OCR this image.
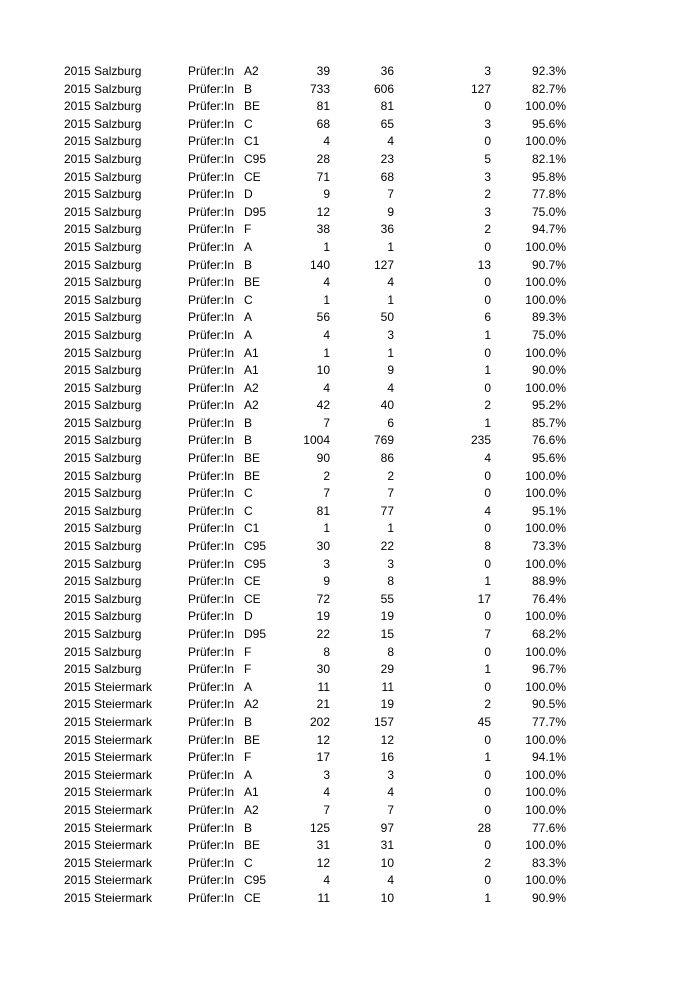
2015 Salzburg	Prüfer:In	A2	39	36	3	92.3%	
2015 Salzburg	Prüfer:In	B	733	606	127	82.7%	
2015 Salzburg	Prüfer:In	BE	81	81	0	100.0%	
2015 Salzburg	Prüfer:In	C	68	65	3	95.6%	
2015 Salzburg	Prüfer:In	C1	4	4	0	100.0%	
2015 Salzburg	Prüfer:In	C95	28	23	5	82.1%	
2015 Salzburg	Prüfer:In	CE	71	68	3	95.8%	
2015 Salzburg	Prüfer:In	D	9	7	2	77.8%	
2015 Salzburg	Prüfer:In	D95	12	9	3	75.0%	
2015 Salzburg	Prüfer:In	F	38	36	2	94.7%	
2015 Salzburg	Prüfer:In	A	1	1	0	100.0%	
2015 Salzburg	Prüfer:In	B	140	127	13	90.7%	
2015 Salzburg	Prüfer:In	BE	4	4	0	100.0%	
2015 Salzburg	Prüfer:In	C	1	1	0	100.0%	
2015 Salzburg	Prüfer:In	A	56	50	6	89.3%	
2015 Salzburg	Prüfer:In	A	4	3	1	75.0%	
2015 Salzburg	Prüfer:In	A1	1	1	0	100.0%	
2015 Salzburg	Prüfer:In	A1	10	9	1	90.0%	
2015 Salzburg	Prüfer:In	A2	4	4	0	100.0%	
2015 Salzburg	Prüfer:In	A2	42	40	2	95.2%	
2015 Salzburg	Prüfer:In	B	7	6	1	85.7%	
2015 Salzburg	Prüfer:In	B	1004	769	235	76.6%	
2015 Salzburg	Prüfer:In	BE	90	86	4	95.6%	
2015 Salzburg	Prüfer:In	BE	2	2	0	100.0%	
2015 Salzburg	Prüfer:In	C	7	7	0	100.0%	
2015 Salzburg	Prüfer:In	C	81	77	4	95.1%	
2015 Salzburg	Prüfer:In	C1	1	1	0	100.0%	
2015 Salzburg	Prüfer:In	C95	30	22	8	73.3%	
2015 Salzburg	Prüfer:In	C95	3	3	0	100.0%	
2015 Salzburg	Prüfer:In	CE	9	8	1	88.9%	
2015 Salzburg	Prüfer:In	CE	72	55	17	76.4%	
2015 Salzburg	Prüfer:In	D	19	19	0	100.0%	
2015 Salzburg	Prüfer:In	D95	22	15	7	68.2%	
2015 Salzburg	Prüfer:In	F	8	8	0	100.0%	
2015 Salzburg	Prüfer:In	F	30	29	1	96.7%	
2015 Steiermark	Prüfer:In	A	11	11	0	100.0%	
2015 Steiermark	Prüfer:In	A2	21	19	2	90.5%	
2015 Steiermark	Prüfer:In	B	202	157	45	77.7%	
2015 Steiermark	Prüfer:In	BE	12	12	0	100.0%	
2015 Steiermark	Prüfer:In	F	17	16	1	94.1%	
2015 Steiermark	Prüfer:In	A	3	3	0	100.0%	
2015 Steiermark	Prüfer:In	A1	4	4	0	100.0%	
2015 Steiermark	Prüfer:In	A2	7	7	0	100.0%	
2015 Steiermark	Prüfer:In	B	125	97	28	77.6%	
2015 Steiermark	Prüfer:In	BE	31	31	0	100.0%	
2015 Steiermark	Prüfer:In	C	12	10	2	83.3%	
2015 Steiermark	Prüfer:In	C95	4	4	0	100.0%	
2015 Steiermark	Prüfer:In	CE	11	10	1	90.9%	
